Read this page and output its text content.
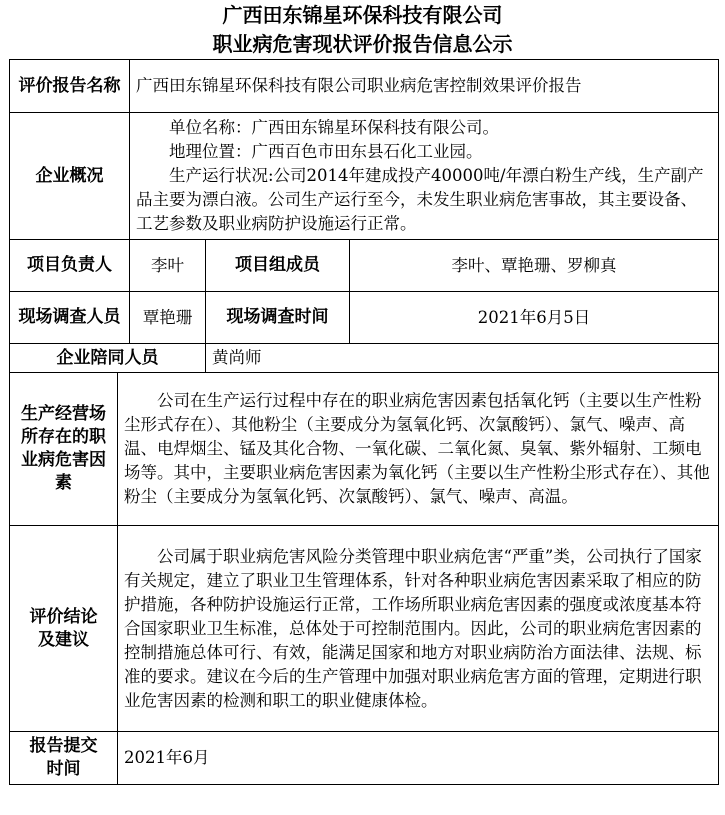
广西田东锦星环保科技有限公司
职业病危害现状评价报告信息公示
评价报告名称		广西田东锦星环保科技有限公司职业病危害控制效果评价报告		
企业概况		单位名称：广西田东锦星环保科技有限公司。

地理位置：广西百色市田东县石化工业园。

生产运行状况:公司2014年建成投产40000吨/年漂白粉生产线，生产副产品主要为漂白液。公司生产运行至今，未发生职业病危害事故，其主要设备、工艺参数及职业病防护设施运行正常。		

项目负责人		李叶	项目组成员	李叶、覃艳珊、罗柳真
现场调查人员		覃艳珊	现场调查时间	2021年6月5日
企业陪同人员			黄尚师	
生产经营场所存在的职业病危害因素	公司在生产运行过程中存在的职业病危害因素包括氧化钙（主要以生产性粉尘形式存在）、其他粉尘（主要成分为氢氧化钙、次氯酸钙）、氯气、噪声、高温、电焊烟尘、锰及其化合物、一氧化碳、二氧化氮、臭氧、紫外辐射、工频电场等。其中，主要职业病危害因素为氧化钙（主要以生产性粉尘形式存在）、其他粉尘（主要成分为氢氧化钙、次氯酸钙）、氯气、噪声、高温。			

评价结论及建议	公司属于职业病危害风险分类管理中职业病危害“严重”类，公司执行了国家有关规定，建立了职业卫生管理体系，针对各种职业病危害因素采取了相应的防护措施，各种防护设施运行正常，工作场所职业病危害因素的强度或浓度基本符合国家职业卫生标准，总体处于可控制范围内。因此，公司的职业病危害因素的控制措施总体可行、有效，能满足国家和地方对职业病防治方面法律、法规、标准的要求。建议在今后的生产管理中加强对职业病危害方面的管理，定期进行职业危害因素的检测和职工的职业健康体检。			

报告提交时间	2021年6月			
